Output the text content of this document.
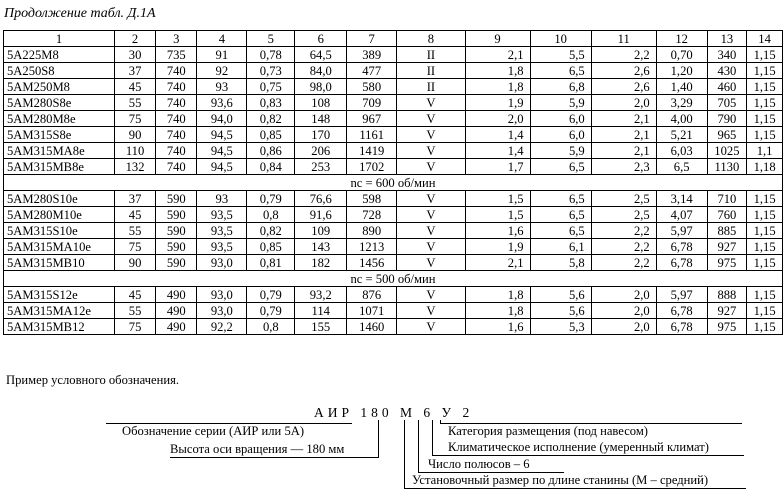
Продолжение табл. Д.1А
1	2	3	4	5	6	7	8	9	10	11	12	13	14
5А225М8	30	735	91	0,78	64,5	389	II	2,1	5,5	2,2	0,70	340	1,15
5А250S8	37	740	92	0,73	84,0	477	II	1,8	6,5	2,6	1,20	430	1,15
5АМ250М8	45	740	93	0,75	98,0	580	II	1,8	6,8	2,6	1,40	460	1,15
5АМ280S8е	55	740	93,6	0,83	108	709	V	1,9	5,9	2,0	3,29	705	1,15
5АМ280М8е	75	740	94,0	0,82	148	967	V	2,0	6,0	2,1	4,00	790	1,15
5АМ315S8е	90	740	94,5	0,85	170	1161	V	1,4	6,0	2,1	5,21	965	1,15
5АМ315МА8е	110	740	94,5	0,86	206	1419	V	1,4	5,9	2,1	6,03	1025	1,1
5АМ315МВ8е	132	740	94,5	0,84	253	1702	V	1,7	6,5	2,3	6,5	1130	1,18
nс = 600 об/мин													
5АМ280S10е	37	590	93	0,79	76,6	598	V	1,5	6,5	2,5	3,14	710	1,15
5АМ280М10е	45	590	93,5	0,8	91,6	728	V	1,5	6,5	2,5	4,07	760	1,15
5АМ315S10е	55	590	93,5	0,82	109	890	V	1,6	6,5	2,2	5,97	885	1,15
5АМ315МА10е	75	590	93,5	0,85	143	1213	V	1,9	6,1	2,2	6,78	927	1,15
5АМ315МВ10	90	590	93,0	0,81	182	1456	V	2,1	5,8	2,2	6,78	975	1,15
nс = 500 об/мин													
5АМ315S12е	45	490	93,0	0,79	93,2	876	V	1,8	5,6	2,0	5,97	888	1,15
5АМ315МА12е	55	490	93,0	0,79	114	1071	V	1,8	5,6	2,0	6,78	927	1,15
5АМ315МВ12	75	490	92,2	0,8	155	1460	V	1,6	5,3	2,0	6,78	975	1,15
Пример условного обозначения.
АИР 180 М 6 У 2
Обозначение серии (АИР или 5А)
Высота оси вращения — 180 мм
Категория размещения (под навесом)
Климатическое исполнение (умеренный климат)
Число полюсов – 6
Установочный размер по длине станины (М – средний)
